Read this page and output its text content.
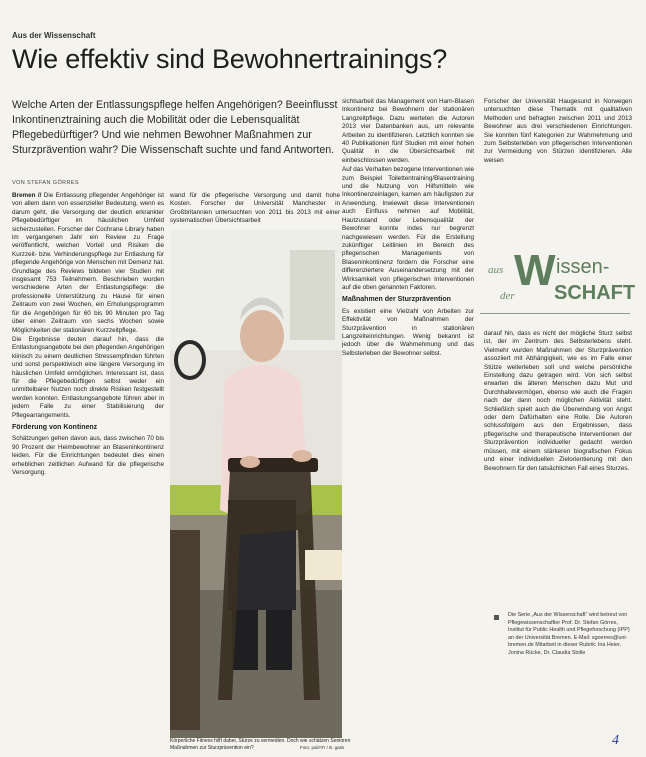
Aus der Wissenschaft
Wie effektiv sind Bewohnertrainings?
Welche Arten der Entlassungspflege helfen Angehörigen? Beeinflusst Inkontinenztraining auch die Mobilität oder die Lebensqualität Pflegebedürftiger? Und wie nehmen Bewohner Maßnahmen zur Sturzprävention wahr? Die Wissenschaft suchte und fand Antworten.
VON STEFAN GÖRRES

Bremen // Die Entlassung pflegender Angehöriger ist von allem dann von essenzieller Bedeutung, wenn es darum geht, die Versorgung der deutlich erkrankter Pflegebedürftiger im häuslichen Umfeld sicherzustellen. Forscher der Cochrane Library haben im vergangenen Jahr ein Review zu Frage veröffentlicht, welchen Vorteil und Risiken die Kurzzeit- bzw. Verhinderungspflege zur Entlastung für pflegende Angehörige von Menschen mit Demenz hat. Grundlage des Reviews bildeten vier Studien mit insgesamt 753 Teilnehmern. Beschrieben wurden verschiedene Arten der Entlastungspflege: die professionelle Unterstützung zu Hause für einen Zeitraum von zwei Wochen, ein Erholungsprogramm für die Angehörigen für 60 bis 90 Minuten pro Tag über einen Zeitraum von sechs Wochen sowie Möglichkeiten der stationären Kurzzeitpflege.

Die Ergebnisse deuten darauf hin, dass die Entlastungsangebote bei den pflegenden Angehörigen klinisch zu einem deutlichen Stressempfinden führten und sonst perspektivisch eine längere Versorgung im häuslichen Umfeld ermöglichen. Interessant ist, dass für die Pflegebedürftigen selbst weder ein unmittelbarer Nutzen noch direkte Risiken festgestellt werden konnten. Entlastungsangebote führen aber in jedem Falle zu einer Stabilisierung der Pflegearrangements.

Förderung von Kontinenz

Schätzungen gehen davon aus, dass zwischen 70 bis 90 Prozent der Heimbewohner an Blaseninkontinenz leiden. Für die Einrichtungen bedeutet dies einen erheblichen zeitlichen Aufwand für die pflegerische Versorgung.

wand für die pflegerische Versorgung und damit hohe Kosten. Forscher der Universität Manchester in Großbritannien untersuchten von 2011 bis 2013 mit einer systematischen Übersichtsarbeit

Körperliche Fitness hilft dabei, Stürze zu vermeiden. Doch wie schätzen Senioren Maßnahmen zur Sturzprävention ein?	Foto: pal/ATI / B. gatis

sichtsarbeit das Management von Harn-Blasen Inkontinenz bei Bewohnern der stationären Langzeitpflege. Dazu werteten die Autoren 2013 vier Datenbanken aus, um relevante Arbeiten zu identifizieren. Letztlich konnten sie 40 Publikationen fünf Studien mit einer hohen Qualität in die Übersichtsarbeit mit einbeschlossen werden.

Auf das Verhalten bezogene Interventionen wie zum Beispiel Toilettentraining/Blasentraining und die Nutzung von Hilfsmitteln wie Inkontinenzeinlagen, kamen am häufigsten zur Anwendung. Inwieweit diese Interventionen auch Einfluss nehmen auf Mobilität, Hautzustand oder Lebensqualität der Bewohner konnte indes nur begrenzt nachgewiesen werden. Für die Erstellung zukünftiger Leitlinien im Bereich des pflegerischen Managements von Blaseninkontinenz fordern die Forscher eine differenziertere Auseinandersetzung mit der Wirksamkeit von pflegerischen Interventionen auf die oben genannten Faktoren.

Maßnahmen der Sturzprävention

Es existiert eine Vielzahl von Arbeiten zur Effektivität von Maßnahmen der Sturzprävention in stationären Langzeiteinrichtungen. Wenig bekannt ist jedoch über die Wahrnehmung und das Selbsterleben der Bewohner selbst.

Forscher der Universität Haugesund in Norwegen untersuchten diese Thematik mit qualitativen Methoden und befragten zwischen 2011 und 2013 Bewohner aus drei verschiedenen Einrichtungen. Sie konnten fünf Kategorien zur Wahrnehmung und zum Selbsterleben von pflegerischen Interventionen zur Vermeidung von Stürzen identifizieren. Alle weisen

aus W issen-
der SCHAFT

darauf hin, dass es nicht der mögliche Sturz selbst ist, der im Zentrum des Selbsterlebens steht. Vielmehr wurden Maßnahmen der Sturzprävention assoziiert mit Abhängigkeit, wie es im Falle einer Stütze weiterleben soll und welche persönliche Einstellung dazu getragen wird. Von sich selbst erwarten die älteren Menschen dazu Mut und Durchhaltevermögen, ebenso wie auch die Fragen nach der dann noch möglichen Aktivität steht. Schließlich spielt auch die Überwindung von Angst oder dem Dafürhalten eine Rolle. Die Autoren schlussfolgern aus den Ergebnissen, dass pflegerische und therapeutische Interventionen der Sturzprävention individueller gedacht werden müssen, mit einem stärkeren biografischen Fokus und einer individuellen Zielorientierung mit den Bewohnern für den tatsächlichen Fall eines Sturzes.

Die Serie „Aus der Wissenschaft“ wird betreut von Pflegewissenschaftler Prof. Dr. Stefan Görres, Institut für Public Health und Pflegeforschung (IPP) an der Universität Bremen. E-Mail: sgoerres@uni-bremen.de Mitarbeit in dieser Rubrik: Ina Heier, Jonina Rücke, Dr. Claudia Stolle
4
